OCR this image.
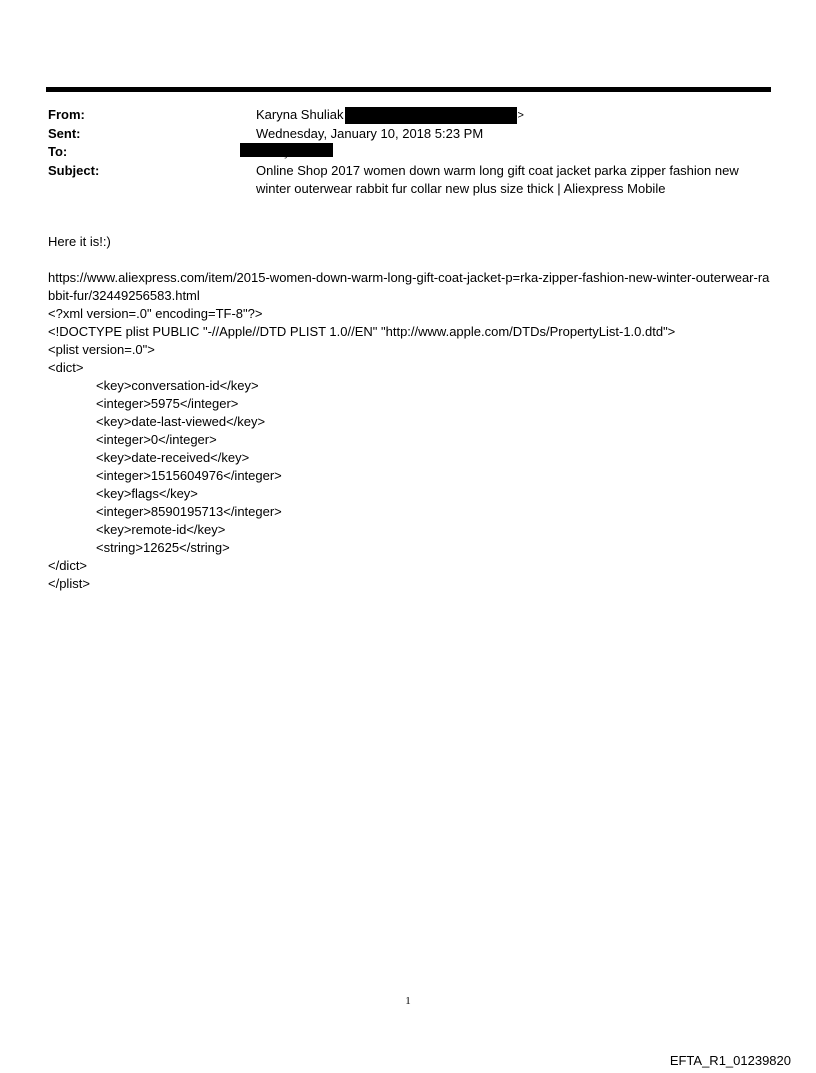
From:	Karyna Shuliak	>
Sent:	Wednesday, January 10, 2018 5:23 PM
To:
Subject:	Online Shop 2017 women down warm long gift coat jacket parka zipper fashion new winter outerwear rabbit fur collar new plus size thick | Aliexpress Mobile

Here it is!:)

https://www.aliexpress.com/item/2015-women-down-warm-long-gift-coat-jacket-p=rka-zipper-fashion-new-winter-outerwear-rabbit-fur/32449256583.html

<?xml version=.0" encoding=TF-8"?>

<!DOCTYPE plist PUBLIC "-//Apple//DTD PLIST 1.0//EN" "http://www.apple.com/DTDs/PropertyList-1.0.dtd">

<plist version=.0">

<dict>

<key>conversation-id</key>

<integer>5975</integer>

<key>date-last-viewed</key>

<integer>0</integer>

<key>date-received</key>

<integer>1515604976</integer>

<key>flags</key>

<integer>8590195713</integer>

<key>remote-id</key>

<string>12625</string>

</dict>

</plist>

1
EFTA_R1_01239820
